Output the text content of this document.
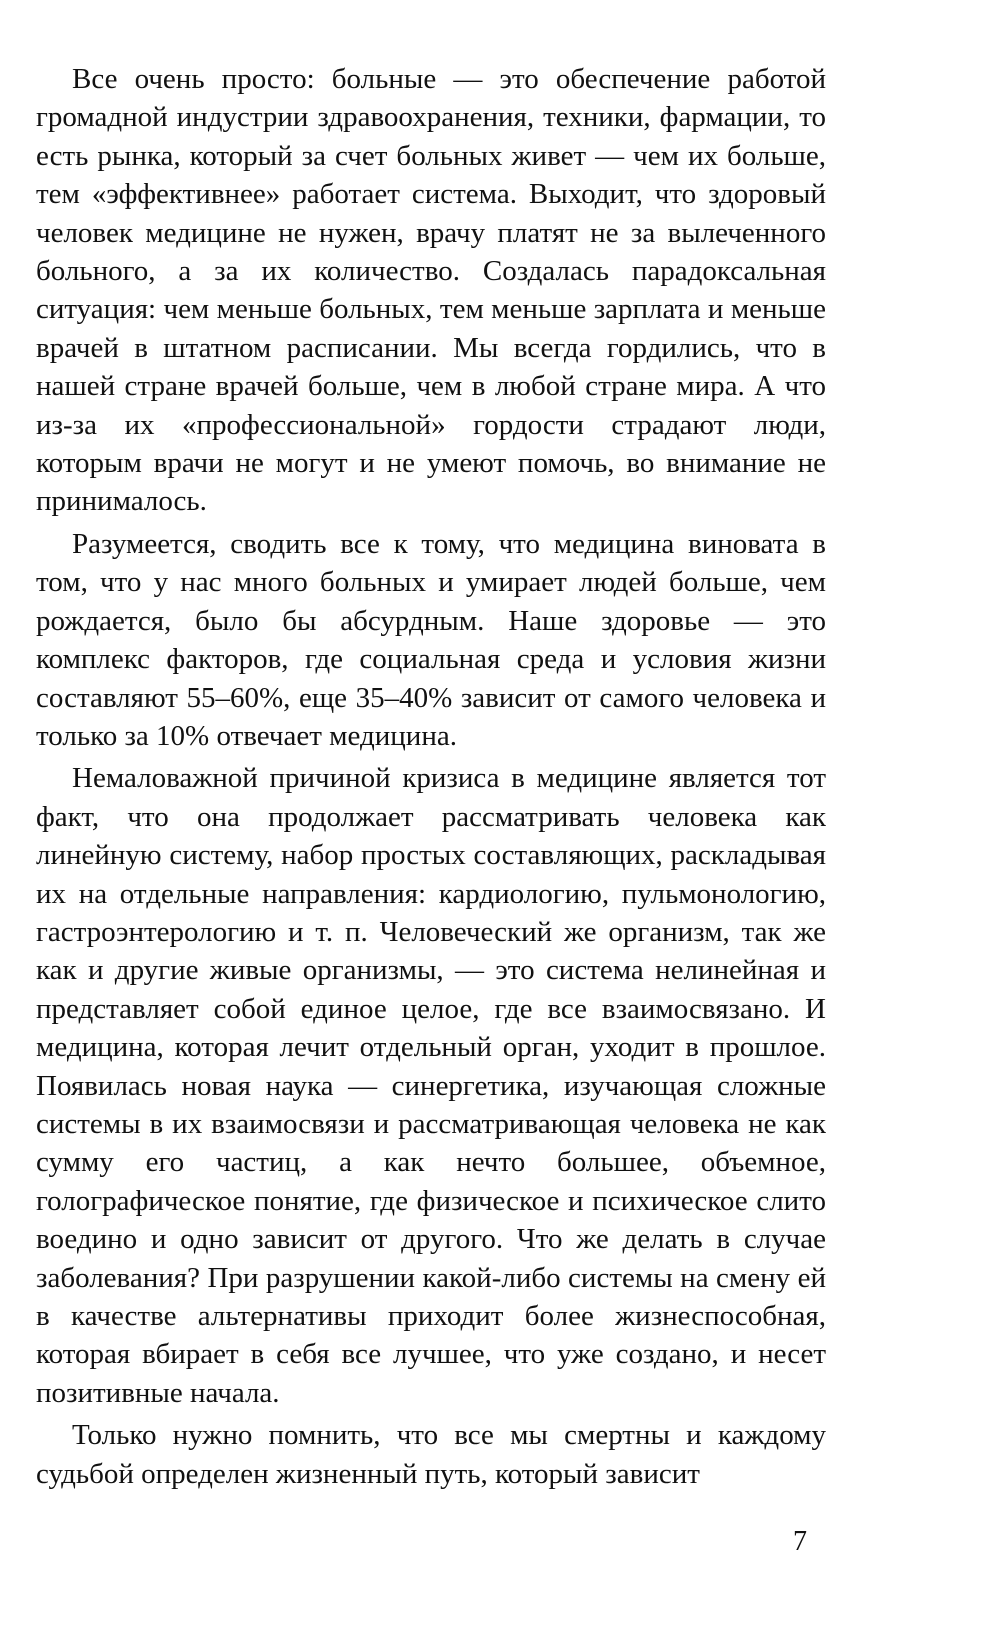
Все очень просто: больные — это обеспечение работой громадной индустрии здравоохранения, техники, фармации, то есть рынка, который за счет больных живет — чем их больше, тем «эффективнее» работает система. Выходит, что здоровый человек медицине не нужен, врачу платят не за вылеченного больного, а за их количество. Создалась парадоксальная ситуация: чем меньше больных, тем меньше зарплата и меньше врачей в штатном расписании. Мы всегда гордились, что в нашей стране врачей больше, чем в любой стране мира. А что из-за их «профессиональной» гордости страдают люди, которым врачи не могут и не умеют помочь, во внимание не принималось.

Разумеется, сводить все к тому, что медицина виновата в том, что у нас много больных и умирает людей больше, чем рождается, было бы абсурдным. Наше здоровье — это комплекс факторов, где социальная среда и условия жизни составляют 55–60%, еще 35–40% зависит от самого человека и только за 10% отвечает медицина.

Немаловажной причиной кризиса в медицине является тот факт, что она продолжает рассматривать человека как линейную систему, набор простых составляющих, раскладывая их на отдельные направления: кардиологию, пульмонологию, гастроэнтерологию и т. п. Человеческий же организм, так же как и другие живые организмы, — это система нелинейная и представляет собой единое целое, где все взаимосвязано. И медицина, которая лечит отдельный орган, уходит в прошлое. Появилась новая наука — синергетика, изучающая сложные системы в их взаимосвязи и рассматривающая человека не как сумму его частиц, а как нечто большее, объемное, голографическое понятие, где физическое и психическое слито воедино и одно зависит от другого. Что же делать в случае заболевания? При разрушении какой-либо системы на смену ей в качестве альтернативы приходит более жизнеспособная, которая вбирает в себя все лучшее, что уже создано, и несет позитивные начала.

Только нужно помнить, что все мы смертны и каждому судьбой определен жизненный путь, который зависит

7
